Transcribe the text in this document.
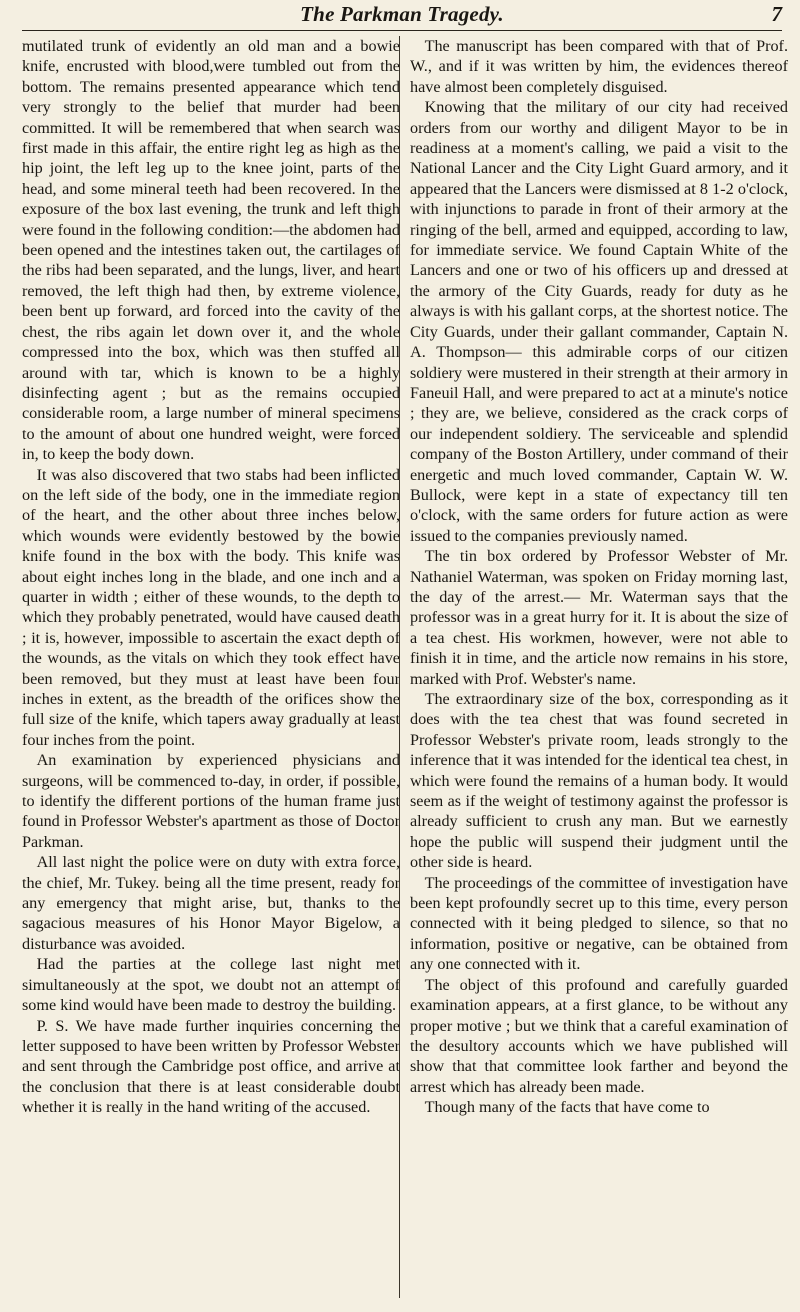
The Parkman Tragedy.	7

mutilated trunk of evidently an old man and a bowie knife, encrusted with blood,were tumbled out from the bottom. The remains presented appearance which tend very strongly to the belief that murder had been committed. It will be remembered that when search was first made in this affair, the entire right leg as high as the hip joint, the left leg up to the knee joint, parts of the head, and some mineral teeth had been recovered. In the exposure of the box last evening, the trunk and left thigh were found in the following condition:—the abdomen had been opened and the intestines taken out, the cartilages of the ribs had been separated, and the lungs, liver, and heart removed, the left thigh had then, by extreme violence, been bent up forward, ard forced into the cavity of the chest, the ribs again let down over it, and the whole compressed into the box, which was then stuffed all around with tar, which is known to be a highly disinfecting agent ; but as the remains occupied considerable room, a large number of mineral specimens to the amount of about one hundred weight, were forced in, to keep the body down.

It was also discovered that two stabs had been inflicted on the left side of the body, one in the immediate region of the heart, and the other about three inches below, which wounds were evidently bestowed by the bowie knife found in the box with the body. This knife was about eight inches long in the blade, and one inch and a quarter in width ; either of these wounds, to the depth to which they probably penetrated, would have caused death ; it is, however, impossible to ascertain the exact depth of the wounds, as the vitals on which they took effect have been removed, but they must at least have been four inches in extent, as the breadth of the orifices show the full size of the knife, which tapers away gradually at least four inches from the point.

An examination by experienced physicians and surgeons, will be commenced to-day, in order, if possible, to identify the different portions of the human frame just found in Professor Webster's apartment as those of Doctor Parkman.

All last night the police were on duty with extra force, the chief, Mr. Tukey. being all the time present, ready for any emergency that might arise, but, thanks to the sagacious measures of his Honor Mayor Bigelow, a disturbance was avoided.

Had the parties at the college last night met simultaneously at the spot, we doubt not an attempt of some kind would have been made to destroy the building.

P. S. We have made further inquiries concerning the letter supposed to have been written by Professor Webster and sent through the Cambridge post office, and arrive at the conclusion that there is at least considerable doubt whether it is really in the hand writing of the accused.

The manuscript has been compared with that of Prof. W., and if it was written by him, the evidences thereof have almost been completely disguised.

Knowing that the military of our city had received orders from our worthy and diligent Mayor to be in readiness at a moment's calling, we paid a visit to the National Lancer and the City Light Guard armory, and it appeared that the Lancers were dismissed at 8 1-2 o'clock, with injunctions to parade in front of their armory at the ringing of the bell, armed and equipped, according to law, for immediate service. We found Captain White of the Lancers and one or two of his officers up and dressed at the armory of the City Guards, ready for duty as he always is with his gallant corps, at the shortest notice. The City Guards, under their gallant commander, Captain N. A. Thompson— this admirable corps of our citizen soldiery were mustered in their strength at their armory in Faneuil Hall, and were prepared to act at a minute's notice ; they are, we believe, considered as the crack corps of our independent soldiery. The serviceable and splendid company of the Boston Artillery, under command of their energetic and much loved commander, Captain W. W. Bullock, were kept in a state of expectancy till ten o'clock, with the same orders for future action as were issued to the companies previously named.

The tin box ordered by Professor Webster of Mr. Nathaniel Waterman, was spoken on Friday morning last, the day of the arrest.— Mr. Waterman says that the professor was in a great hurry for it. It is about the size of a tea chest. His workmen, however, were not able to finish it in time, and the article now remains in his store, marked with Prof. Webster's name.

The extraordinary size of the box, corresponding as it does with the tea chest that was found secreted in Professor Webster's private room, leads strongly to the inference that it was intended for the identical tea chest, in which were found the remains of a human body. It would seem as if the weight of testimony against the professor is already sufficient to crush any man. But we earnestly hope the public will suspend their judgment until the other side is heard.

The proceedings of the committee of investigation have been kept profoundly secret up to this time, every person connected with it being pledged to silence, so that no information, positive or negative, can be obtained from any one connected with it.

The object of this profound and carefully guarded examination appears, at a first glance, to be without any proper motive ; but we think that a careful examination of the desultory accounts which we have published will show that that committee look farther and beyond the arrest which has already been made.

Though many of the facts that have come to
